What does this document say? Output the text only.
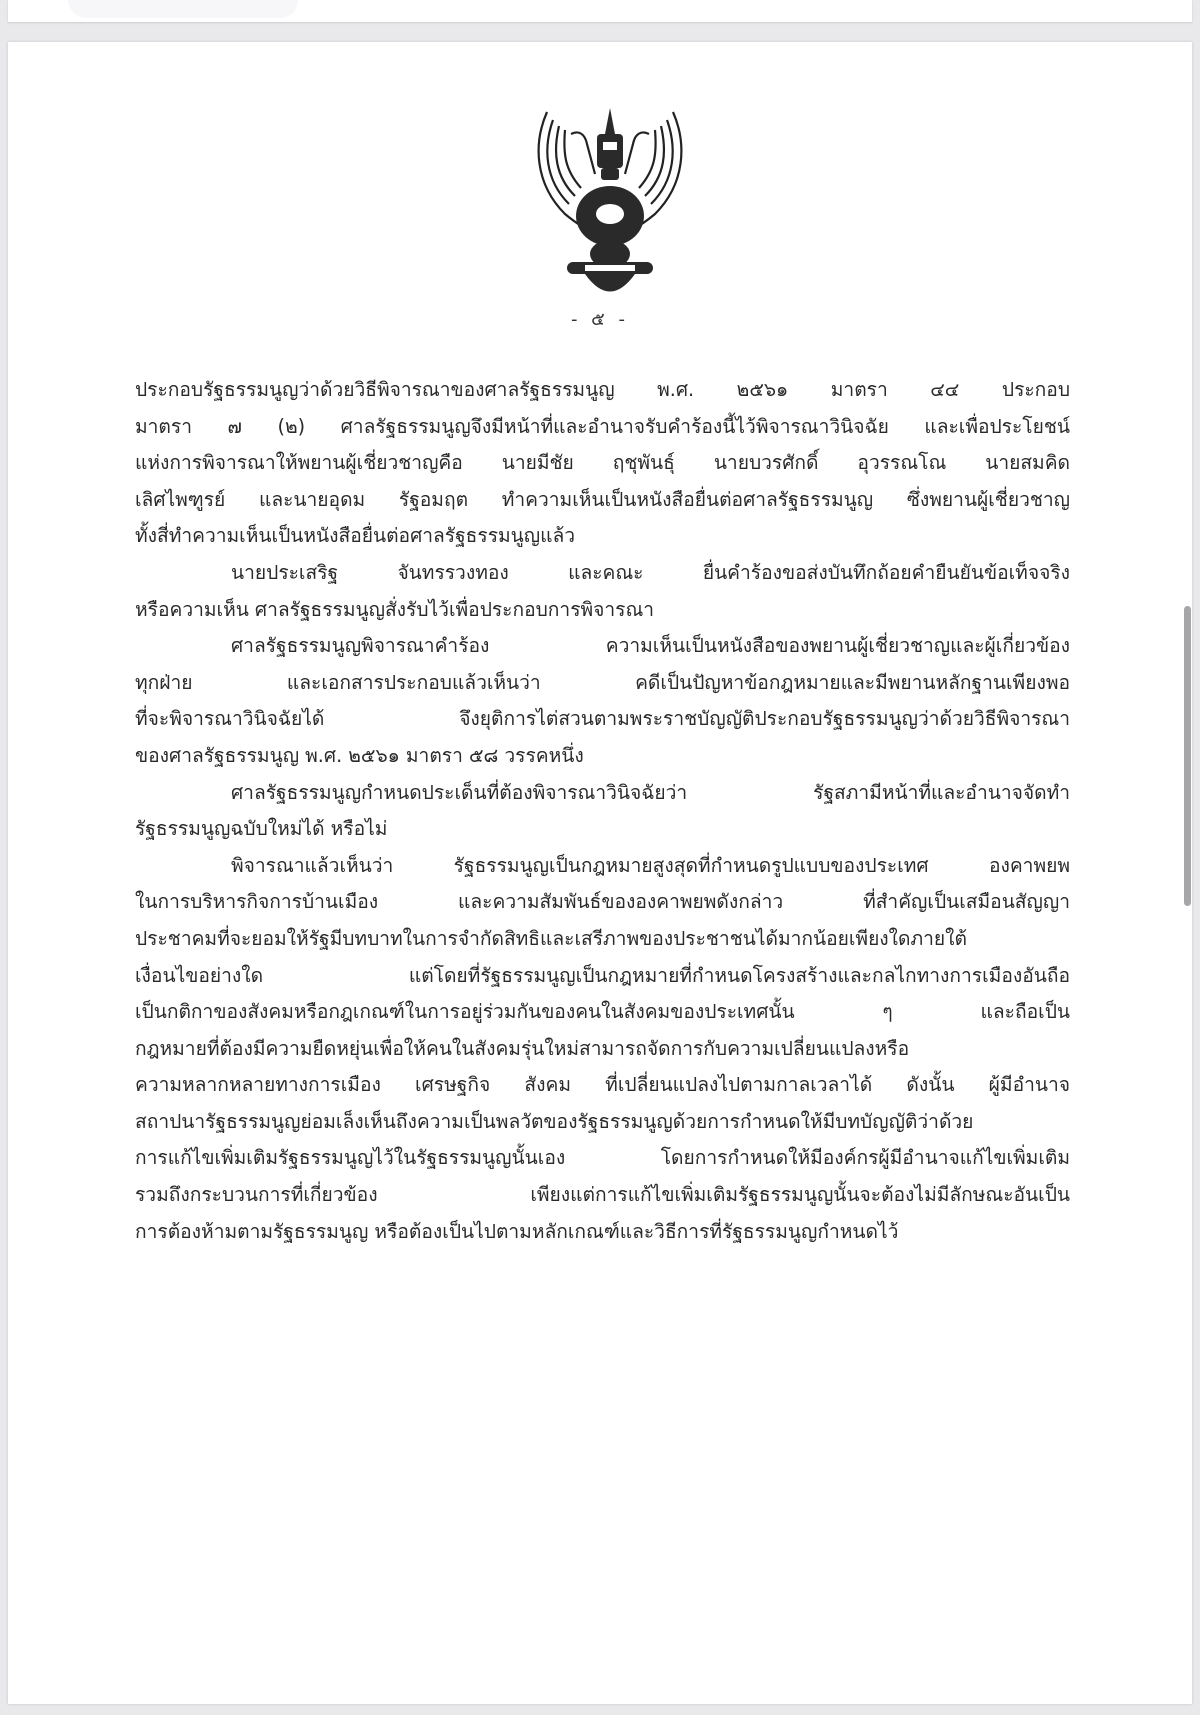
- ๕ -
ประกอบรัฐธรรมนูญว่าด้วยวิธีพิจารณาของศาลรัฐธรรมนูญ พ.ศ. ๒๕๖๑ มาตรา ๔๔ ประกอบ
มาตรา ๗ (๒) ศาลรัฐธรรมนูญจึงมีหน้าที่และอำนาจรับคำร้องนี้ไว้พิจารณาวินิจฉัย และเพื่อประโยชน์
แห่งการพิจารณาให้พยานผู้เชี่ยวชาญคือ นายมีชัย ฤชุพันธุ์ นายบวรศักดิ์ อุวรรณโณ นายสมคิด
เลิศไพฑูรย์ และนายอุดม รัฐอมฤต ทำความเห็นเป็นหนังสือยื่นต่อศาลรัฐธรรมนูญ ซึ่งพยานผู้เชี่ยวชาญ
ทั้งสี่ทำความเห็นเป็นหนังสือยื่นต่อศาลรัฐธรรมนูญแล้ว
นายประเสริฐ จันทรรวงทอง และคณะ ยื่นคำร้องขอส่งบันทึกถ้อยคำยืนยันข้อเท็จจริง
หรือความเห็น ศาลรัฐธรรมนูญสั่งรับไว้เพื่อประกอบการพิจารณา
ศาลรัฐธรรมนูญพิจารณาคำร้อง ความเห็นเป็นหนังสือของพยานผู้เชี่ยวชาญและผู้เกี่ยวข้อง
ทุกฝ่าย และเอกสารประกอบแล้วเห็นว่า คดีเป็นปัญหาข้อกฎหมายและมีพยานหลักฐานเพียงพอ
ที่จะพิจารณาวินิจฉัยได้ จึงยุติการไต่สวนตามพระราชบัญญัติประกอบรัฐธรรมนูญว่าด้วยวิธีพิจารณา
ของศาลรัฐธรรมนูญ พ.ศ. ๒๕๖๑ มาตรา ๕๘ วรรคหนึ่ง
ศาลรัฐธรรมนูญกำหนดประเด็นที่ต้องพิจารณาวินิจฉัยว่า รัฐสภามีหน้าที่และอำนาจจัดทำ
รัฐธรรมนูญฉบับใหม่ได้ หรือไม่
พิจารณาแล้วเห็นว่า รัฐธรรมนูญเป็นกฎหมายสูงสุดที่กำหนดรูปแบบของประเทศ องคาพยพ
ในการบริหารกิจการบ้านเมือง และความสัมพันธ์ขององคาพยพดังกล่าว ที่สำคัญเป็นเสมือนสัญญา
ประชาคมที่จะยอมให้รัฐมีบทบาทในการจำกัดสิทธิและเสรีภาพของประชาชนได้มากน้อยเพียงใดภายใต้
เงื่อนไขอย่างใด แต่โดยที่รัฐธรรมนูญเป็นกฎหมายที่กำหนดโครงสร้างและกลไกทางการเมืองอันถือ
เป็นกติกาของสังคมหรือกฎเกณฑ์ในการอยู่ร่วมกันของคนในสังคมของประเทศนั้น ๆ และถือเป็น
กฎหมายที่ต้องมีความยืดหยุ่นเพื่อให้คนในสังคมรุ่นใหม่สามารถจัดการกับความเปลี่ยนแปลงหรือ
ความหลากหลายทางการเมือง เศรษฐกิจ สังคม ที่เปลี่ยนแปลงไปตามกาลเวลาได้ ดังนั้น ผู้มีอำนาจ
สถาปนารัฐธรรมนูญย่อมเล็งเห็นถึงความเป็นพลวัตของรัฐธรรมนูญด้วยการกำหนดให้มีบทบัญญัติว่าด้วย
การแก้ไขเพิ่มเติมรัฐธรรมนูญไว้ในรัฐธรรมนูญนั้นเอง โดยการกำหนดให้มีองค์กรผู้มีอำนาจแก้ไขเพิ่มเติม
รวมถึงกระบวนการที่เกี่ยวข้อง เพียงแต่การแก้ไขเพิ่มเติมรัฐธรรมนูญนั้นจะต้องไม่มีลักษณะอันเป็น
การต้องห้ามตามรัฐธรรมนูญ หรือต้องเป็นไปตามหลักเกณฑ์และวิธีการที่รัฐธรรมนูญกำหนดไว้
